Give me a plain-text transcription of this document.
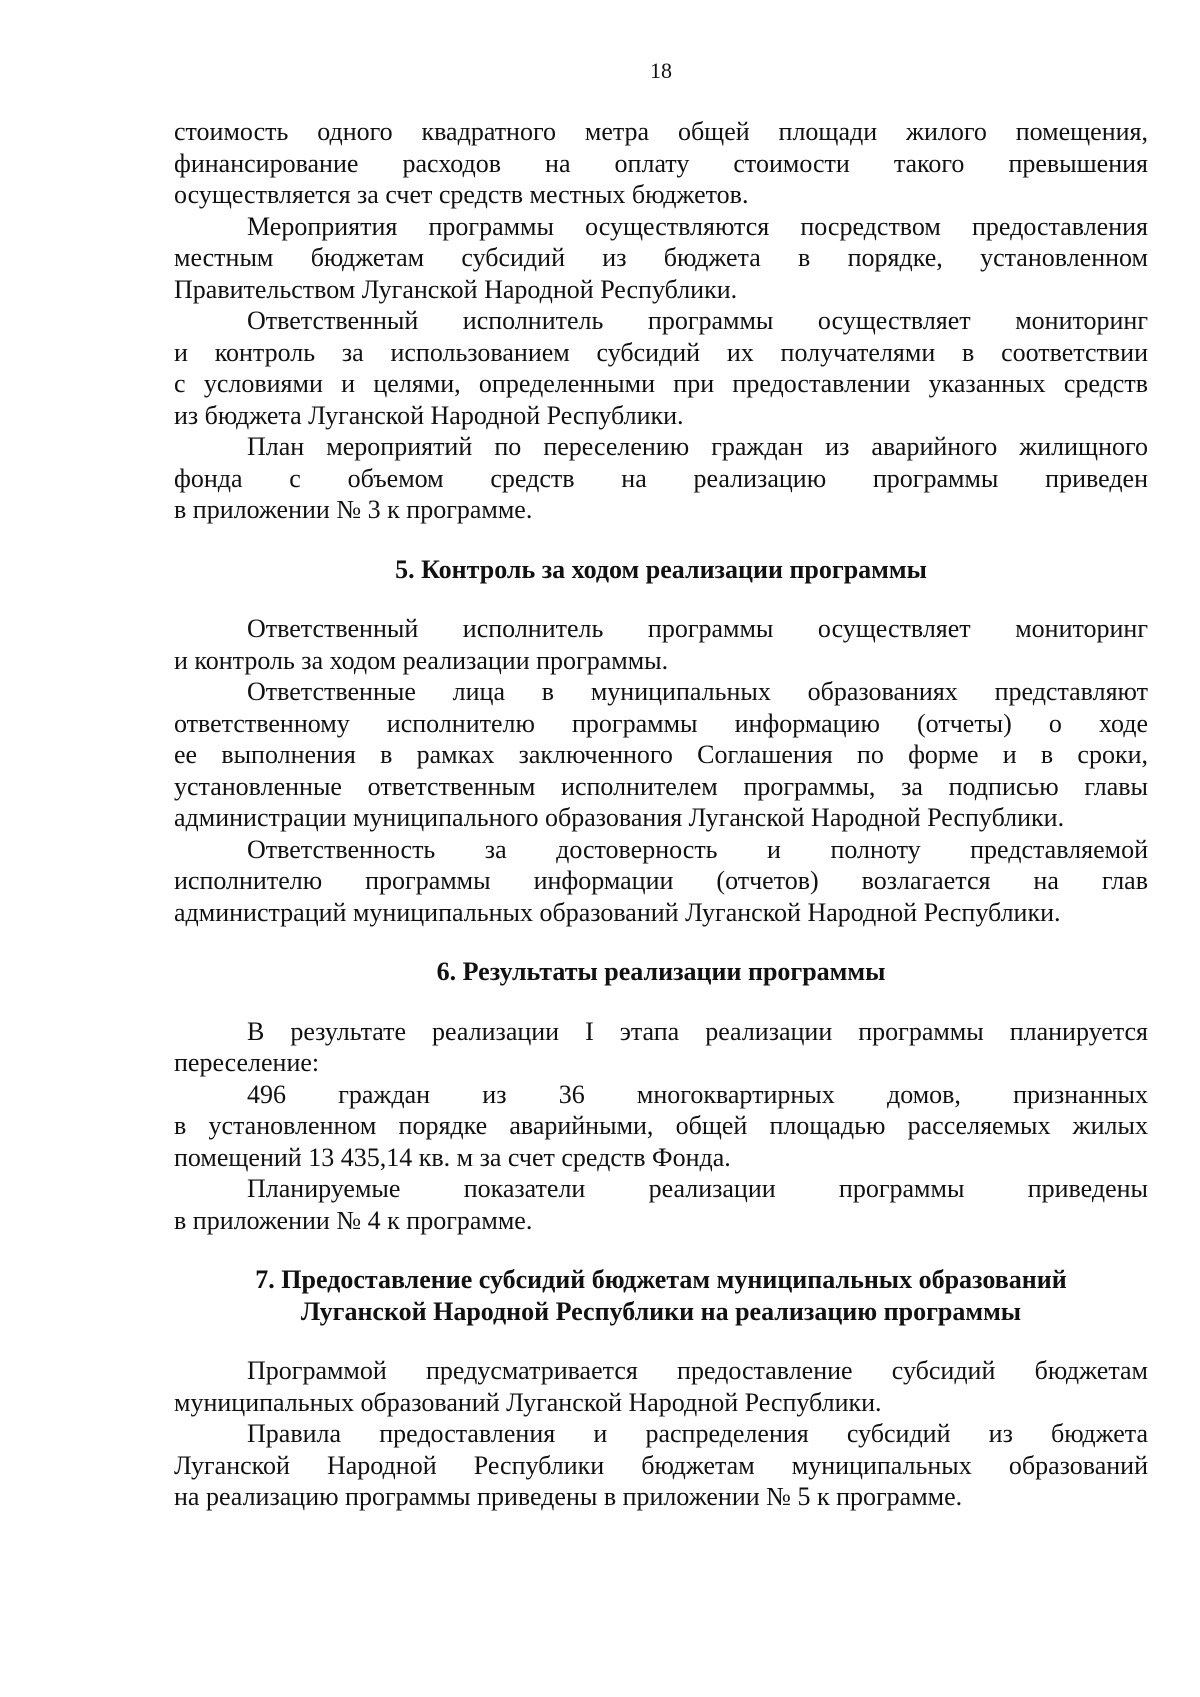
18
стоимость одного квадратного метра общей площади жилого помещения,
финансирование расходов на оплату стоимости такого превышения
осуществляется за счет средств местных бюджетов.
Мероприятия программы осуществляются посредством предоставления
местным бюджетам субсидий из бюджета в порядке, установленном
Правительством Луганской Народной Республики.
Ответственный исполнитель программы осуществляет мониторинг
и контроль за использованием субсидий их получателями в соответствии
с условиями и целями, определенными при предоставлении указанных средств
из бюджета Луганской Народной Республики.
План мероприятий по переселению граждан из аварийного жилищного
фонда с объемом средств на реализацию программы приведен
в приложении № 3 к программе.
5. Контроль за ходом реализации программы
Ответственный исполнитель программы осуществляет мониторинг
и контроль за ходом реализации программы.
Ответственные лица в муниципальных образованиях представляют
ответственному исполнителю программы информацию (отчеты) о ходе
ее выполнения в рамках заключенного Соглашения по форме и в сроки,
установленные ответственным исполнителем программы, за подписью главы
администрации муниципального образования Луганской Народной Республики.
Ответственность за достоверность и полноту представляемой
исполнителю программы информации (отчетов) возлагается на глав
администраций муниципальных образований Луганской Народной Республики.
6. Результаты реализации программы
В результате реализации I этапа реализации программы планируется
переселение:
496 граждан из 36 многоквартирных домов, признанных
в установленном порядке аварийными, общей площадью расселяемых жилых
помещений 13 435,14 кв. м за счет средств Фонда.
Планируемые показатели реализации программы приведены
в приложении № 4 к программе.
7. Предоставление субсидий бюджетам муниципальных образований
Луганской Народной Республики на реализацию программы
Программой предусматривается предоставление субсидий бюджетам
муниципальных образований Луганской Народной Республики.
Правила предоставления и распределения субсидий из бюджета
Луганской Народной Республики бюджетам муниципальных образований
на реализацию программы приведены в приложении № 5 к программе.
